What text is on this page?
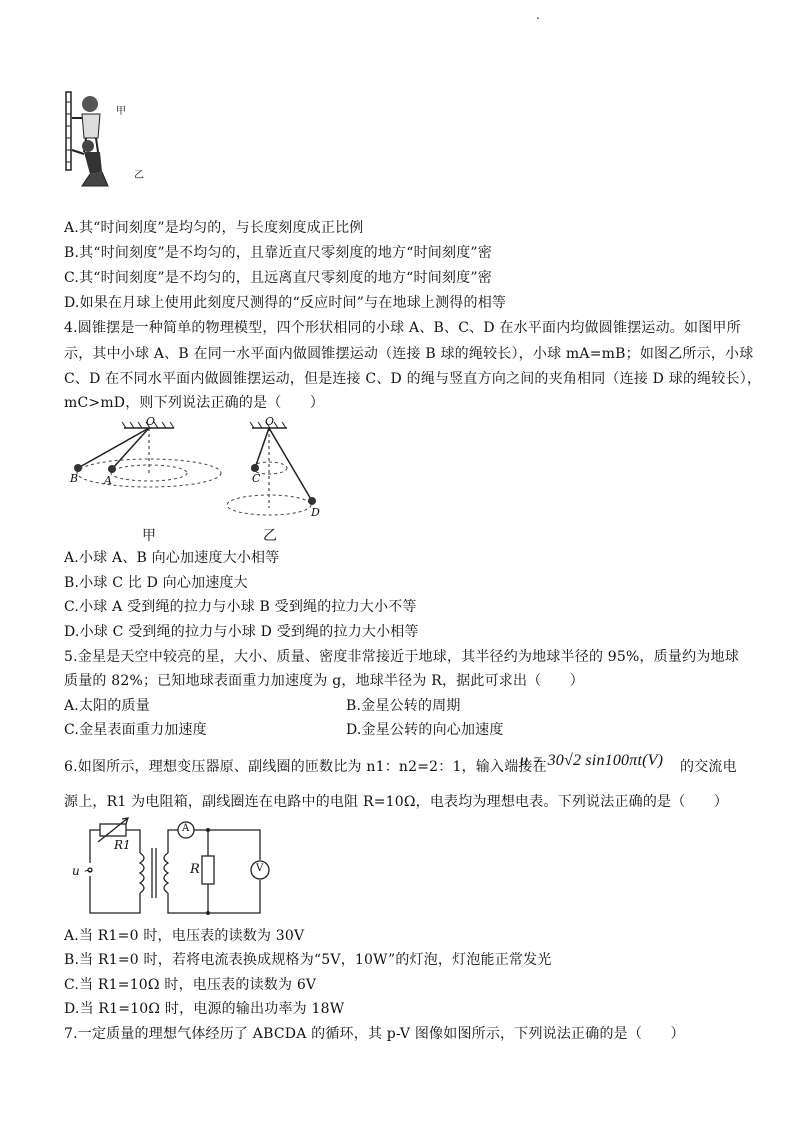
.
甲
乙
A.其“时间刻度”是均匀的，与长度刻度成正比例
B.其“时间刻度”是不均匀的，且靠近直尺零刻度的地方“时间刻度”密
C.其“时间刻度”是不均匀的，且远离直尺零刻度的地方“时间刻度”密
D.如果在月球上使用此刻度尺测得的“反应时间”与在地球上测得的相等
4.圆锥摆是一种简单的物理模型，四个形状相同的小球 A、B、C、D 在水平面内均做圆锥摆运动。如图甲所
示，其中小球 A、B 在同一水平面内做圆锥摆运动（连接 B 球的绳较长），小球 mA=mB；如图乙所示，小球
C、D 在不同水平面内做圆锥摆运动，但是连接 C、D 的绳与竖直方向之间的夹角相同（连接 D 球的绳较长），
mC>mD，则下列说法正确的是（　　）
O
B A
O
C
D
甲	乙
A.小球 A、B 向心加速度大小相等
B.小球 C 比 D 向心加速度大
C.小球 A 受到绳的拉力与小球 B 受到绳的拉力大小不等
D.小球 C 受到绳的拉力与小球 D 受到绳的拉力大小相等
5.金星是天空中较亮的星，大小、质量、密度非常接近于地球，其半径约为地球半径的 95%，质量约为地球
质量的 82%；已知地球表面重力加速度为 g，地球半径为 R，据此可求出（　　）
A.太阳的质量	B.金星公转的周期
C.金星表面重力加速度	D.金星公转的向心加速度
6.如图所示，理想变压器原、副线圈的匝数比为 n1：n2=2：1，输入端接在
u = 30√2 sin100πt(V) 的交流电
源上，R1 为电阻箱，副线圈连在电路中的电阻 R=10Ω，电表均为理想电表。下列说法正确的是（　　）
R1
u ~
A
R	V
A.当 R1=0 时，电压表的读数为 30V
B.当 R1=0 时，若将电流表换成规格为“5V，10W”的灯泡，灯泡能正常发光
C.当 R1=10Ω 时，电压表的读数为 6V
D.当 R1=10Ω 时，电源的输出功率为 18W
7.一定质量的理想气体经历了 ABCDA 的循环，其 p-V 图像如图所示，下列说法正确的是（　　）
